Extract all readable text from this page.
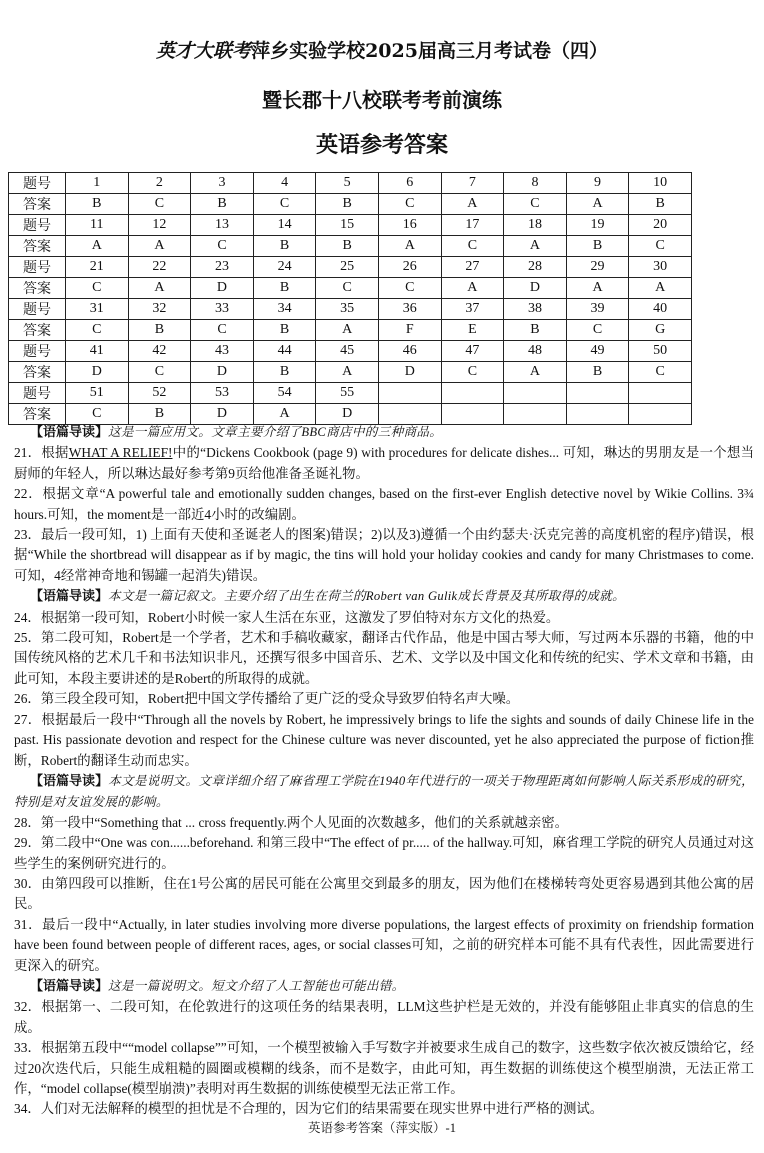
英才大联考萍乡实验学校2025届高三月考试卷（四）
暨长郡十八校联考考前演练
英语参考答案
题号	1	2	3	4	5	6	7	8	9	10
答案	B	C	B	C	B	C	A	C	A	B
题号	11	12	13	14	15	16	17	18	19	20
答案	A	A	C	B	B	A	C	A	B	C
题号	21	22	23	24	25	26	27	28	29	30
答案	C	A	D	B	C	C	A	D	A	A
题号	31	32	33	34	35	36	37	38	39	40
答案	C	B	C	B	A	F	E	B	C	G
题号	41	42	43	44	45	46	47	48	49	50
答案	D	C	D	B	A	D	C	A	B	C
题号	51	52	53	54	55					
答案	C	B	D	A	D					

【语篇导读】这是一篇应用文。文章主要介绍了BBC商店中的三种商品。

21．根据WHAT A RELIEF!中的“Dickens Cookbook (page 9) with procedures for delicate dishes... 可知，琳达的男朋友是一个想当厨师的年轻人，所以琳达最好参考第9页给他准备圣诞礼物。

22．根据文章“A powerful tale and emotionally sudden changes, based on the first-ever English detective novel by Wikie Collins. 3¾ hours.可知，the moment是一部近4小时的改编剧。

23．最后一段可知，1) 上面有天使和圣诞老人的图案)错误；2)以及3)遵循一个由约瑟夫·沃克完善的高度机密的程序)错误，根据“While the shortbread will disappear as if by magic, the tins will hold your holiday cookies and candy for many Christmases to come. 可知，4经常神奇地和锡罐一起消失)错误。

【语篇导读】本文是一篇记叙文。主要介绍了出生在荷兰的Robert van Gulik成长背景及其所取得的成就。

24．根据第一段可知，Robert小时候一家人生活在东亚，这激发了罗伯特对东方文化的热爱。

25．第二段可知，Robert是一个学者，艺术和手稿收藏家，翻译古代作品，他是中国古琴大师，写过两本乐器的书籍，他的中国传统风格的艺术几千和书法知识非凡，还撰写很多中国音乐、艺术、文学以及中国文化和传统的纪实、学术文章和书籍，由此可知，本段主要讲述的是Robert的所取得的成就。

26．第三段全段可知，Robert把中国文学传播给了更广泛的受众导致罗伯特名声大噪。

27．根据最后一段中“Through all the novels by Robert, he impressively brings to life the sights and sounds of daily Chinese life in the past. His passionate devotion and respect for the Chinese culture was never discounted, yet he also appreciated the purpose of fiction推断，Robert的翻译生动而忠实。

【语篇导读】本文是说明文。文章详细介绍了麻省理工学院在1940年代进行的一项关于物理距离如何影响人际关系形成的研究，特别是对友谊发展的影响。

28．第一段中“Something that ... cross frequently.两个人见面的次数越多，他们的关系就越亲密。

29．第二段中“One was con......beforehand. 和第三段中“The effect of pr..... of the hallway.可知，麻省理工学院的研究人员通过对这些学生的案例研究进行的。

30．由第四段可以推断，住在1号公寓的居民可能在公寓里交到最多的朋友，因为他们在楼梯转弯处更容易遇到其他公寓的居民。

31．最后一段中“Actually, in later studies involving more diverse populations, the largest effects of proximity on friendship formation have been found between people of different races, ages, or social classes可知，之前的研究样本可能不具有代表性，因此需要进行更深入的研究。

【语篇导读】这是一篇说明文。短文介绍了人工智能也可能出错。

32．根据第一、二段可知，在伦敦进行的这项任务的结果表明，LLM这些护栏是无效的，并没有能够阻止非真实的信息的生成。

33．根据第五段中““model collapse””可知，一个模型被输入手写数字并被要求生成自己的数字，这些数字依次被反馈给它，经过20次迭代后，只能生成粗糙的圆圈或模糊的线条，而不是数字，由此可知，再生数据的训练使这个模型崩溃，无法正常工作，“model collapse(模型崩溃)”表明对再生数据的训练使模型无法正常工作。

34．人们对无法解释的模型的担忧是不合理的，因为它们的结果需要在现实世界中进行严格的测试。

英语参考答案（萍实版）-1
